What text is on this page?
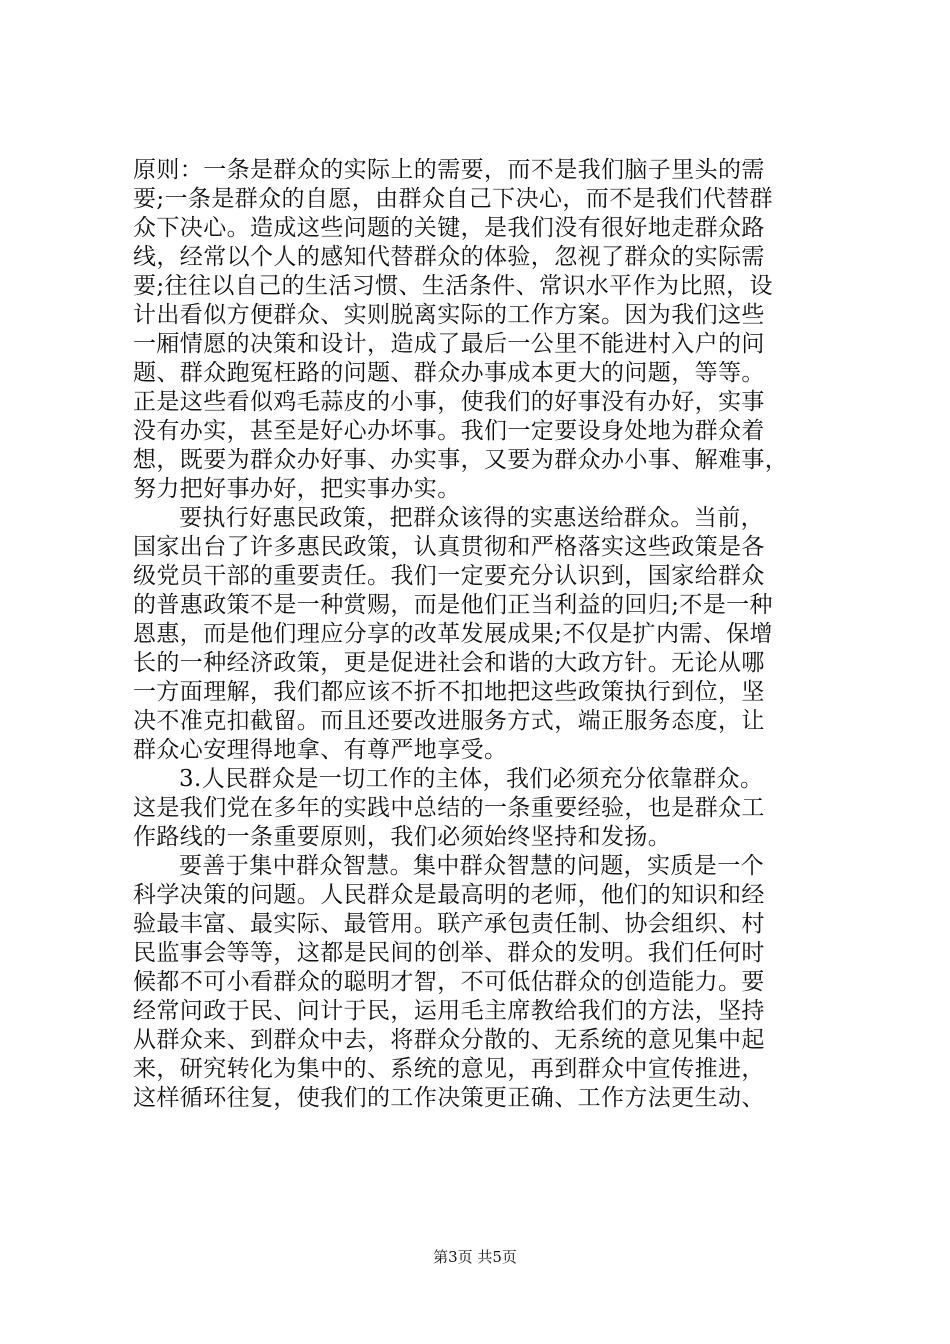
原则：一条是群众的实际上的需要，而不是我们脑子里头的需
要;一条是群众的自愿，由群众自己下决心，而不是我们代替群
众下决心。造成这些问题的关键，是我们没有很好地走群众路
线，经常以个人的感知代替群众的体验，忽视了群众的实际需
要;往往以自己的生活习惯、生活条件、常识水平作为比照，设
计出看似方便群众、实则脱离实际的工作方案。因为我们这些
一厢情愿的决策和设计，造成了最后一公里不能进村入户的问
题、群众跑冤枉路的问题、群众办事成本更大的问题，等等。
正是这些看似鸡毛蒜皮的小事，使我们的好事没有办好，实事
没有办实，甚至是好心办坏事。我们一定要设身处地为群众着
想，既要为群众办好事、办实事，又要为群众办小事、解难事，
努力把好事办好，把实事办实。
要执行好惠民政策，把群众该得的实惠送给群众。当前，
国家出台了许多惠民政策，认真贯彻和严格落实这些政策是各
级党员干部的重要责任。我们一定要充分认识到，国家给群众
的普惠政策不是一种赏赐，而是他们正当利益的回归;不是一种
恩惠，而是他们理应分享的改革发展成果;不仅是扩内需、保增
长的一种经济政策，更是促进社会和谐的大政方针。无论从哪
一方面理解，我们都应该不折不扣地把这些政策执行到位，坚
决不准克扣截留。而且还要改进服务方式，端正服务态度，让
群众心安理得地拿、有尊严地享受。
3.人民群众是一切工作的主体，我们必须充分依靠群众。
这是我们党在多年的实践中总结的一条重要经验，也是群众工
作路线的一条重要原则，我们必须始终坚持和发扬。
要善于集中群众智慧。集中群众智慧的问题，实质是一个
科学决策的问题。人民群众是最高明的老师，他们的知识和经
验最丰富、最实际、最管用。联产承包责任制、协会组织、村
民监事会等等，这都是民间的创举、群众的发明。我们任何时
候都不可小看群众的聪明才智，不可低估群众的创造能力。要
经常问政于民、问计于民，运用毛主席教给我们的方法，坚持
从群众来、到群众中去，将群众分散的、无系统的意见集中起
来，研究转化为集中的、系统的意见，再到群众中宣传推进，
这样循环往复，使我们的工作决策更正确、工作方法更生动、
第3页 共5页
